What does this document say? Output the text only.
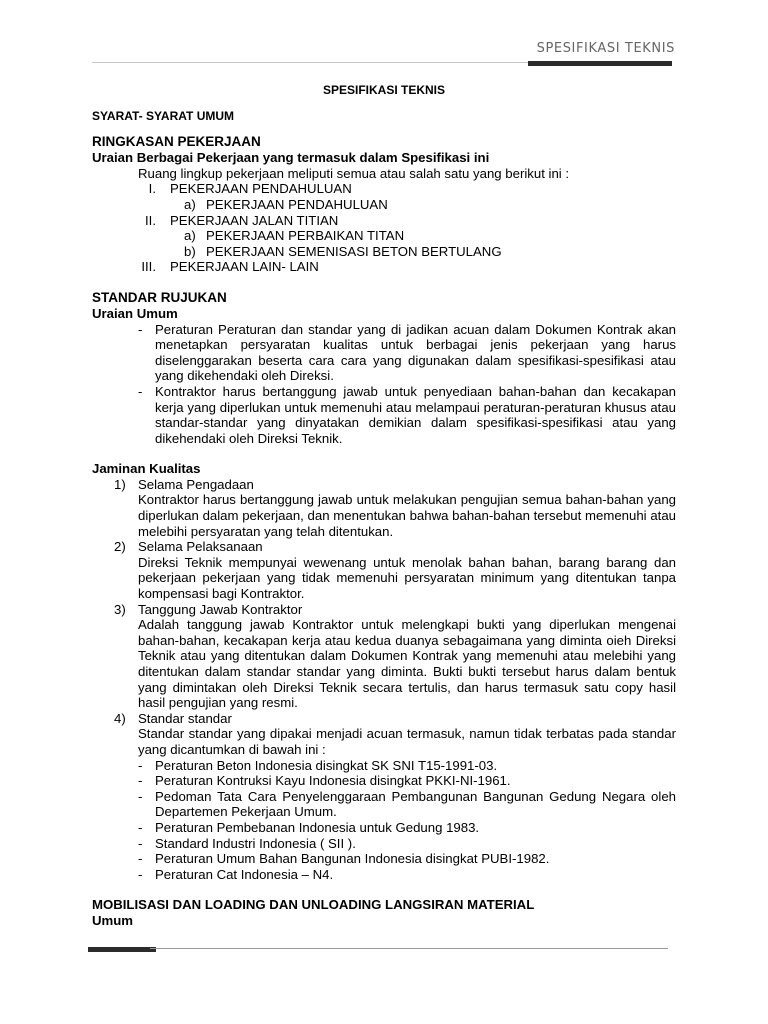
SPESIFIKASI TEKNIS
SPESIFIKASI TEKNIS
SYARAT- SYARAT UMUM
RINGKASAN PEKERJAAN
Uraian Berbagai Pekerjaan yang termasuk dalam Spesifikasi ini
Ruang lingkup pekerjaan meliputi semua atau salah satu yang berikut ini :
I.	PEKERJAAN PENDAHULUAN
a) PEKERJAAN PENDAHULUAN
II.	PEKERJAAN JALAN TITIAN
a) PEKERJAAN PERBAIKAN TITAN
b) PEKERJAAN SEMENISASI BETON BERTULANG
III.	PEKERJAAN LAIN- LAIN
STANDAR RUJUKAN
Uraian Umum
- Peraturan Peraturan dan standar yang di jadikan acuan dalam Dokumen Kontrak akan menetapkan persyaratan kualitas untuk berbagai jenis pekerjaan yang harus diselenggarakan beserta cara cara yang digunakan dalam spesifikasi-spesifikasi atau yang dikehendaki oleh Direksi.
- Kontraktor harus bertanggung jawab untuk penyediaan bahan-bahan dan kecakapan kerja yang diperlukan untuk memenuhi atau melampaui peraturan-peraturan khusus atau standar-standar yang dinyatakan demikian dalam spesifikasi-spesifikasi atau yang dikehendaki oleh Direksi Teknik.
Jaminan Kualitas
1) Selama Pengadaan
Kontraktor harus bertanggung jawab untuk melakukan pengujian semua bahan-bahan yang diperlukan dalam pekerjaan, dan menentukan bahwa bahan-bahan tersebut memenuhi atau melebihi persyaratan yang telah ditentukan.
2) Selama Pelaksanaan
Direksi Teknik mempunyai wewenang untuk menolak bahan bahan, barang barang dan pekerjaan pekerjaan yang tidak memenuhi persyaratan minimum yang ditentukan tanpa kompensasi bagi Kontraktor.
3) Tanggung Jawab Kontraktor
Adalah tanggung jawab Kontraktor untuk melengkapi bukti yang diperlukan mengenai bahan-bahan, kecakapan kerja atau kedua duanya sebagaimana yang diminta oieh Direksi Teknik atau yang ditentukan dalam Dokumen Kontrak yang memenuhi atau melebihi yang ditentukan dalam standar standar yang diminta. Bukti bukti tersebut harus dalam bentuk yang dimintakan oleh Direksi Teknik secara tertulis, dan harus termasuk satu copy hasil hasil pengujian yang resmi.
4) Standar standar
Standar standar yang dipakai menjadi acuan termasuk, namun tidak terbatas pada standar yang dicantumkan di bawah ini :
- Peraturan Beton Indonesia disingkat SK SNI T15-1991-03.
- Peraturan Kontruksi Kayu Indonesia disingkat PKKI-NI-1961.
- Pedoman Tata Cara Penyelenggaraan Pembangunan Bangunan Gedung Negara oleh Departemen Pekerjaan Umum.
- Peraturan Pembebanan Indonesia untuk Gedung 1983.
- Standard Industri Indonesia ( SII ).
- Peraturan Umum Bahan Bangunan Indonesia disingkat PUBI-1982.
- Peraturan Cat Indonesia – N4.
MOBILISASI DAN LOADING DAN UNLOADING LANGSIRAN MATERIAL
Umum
